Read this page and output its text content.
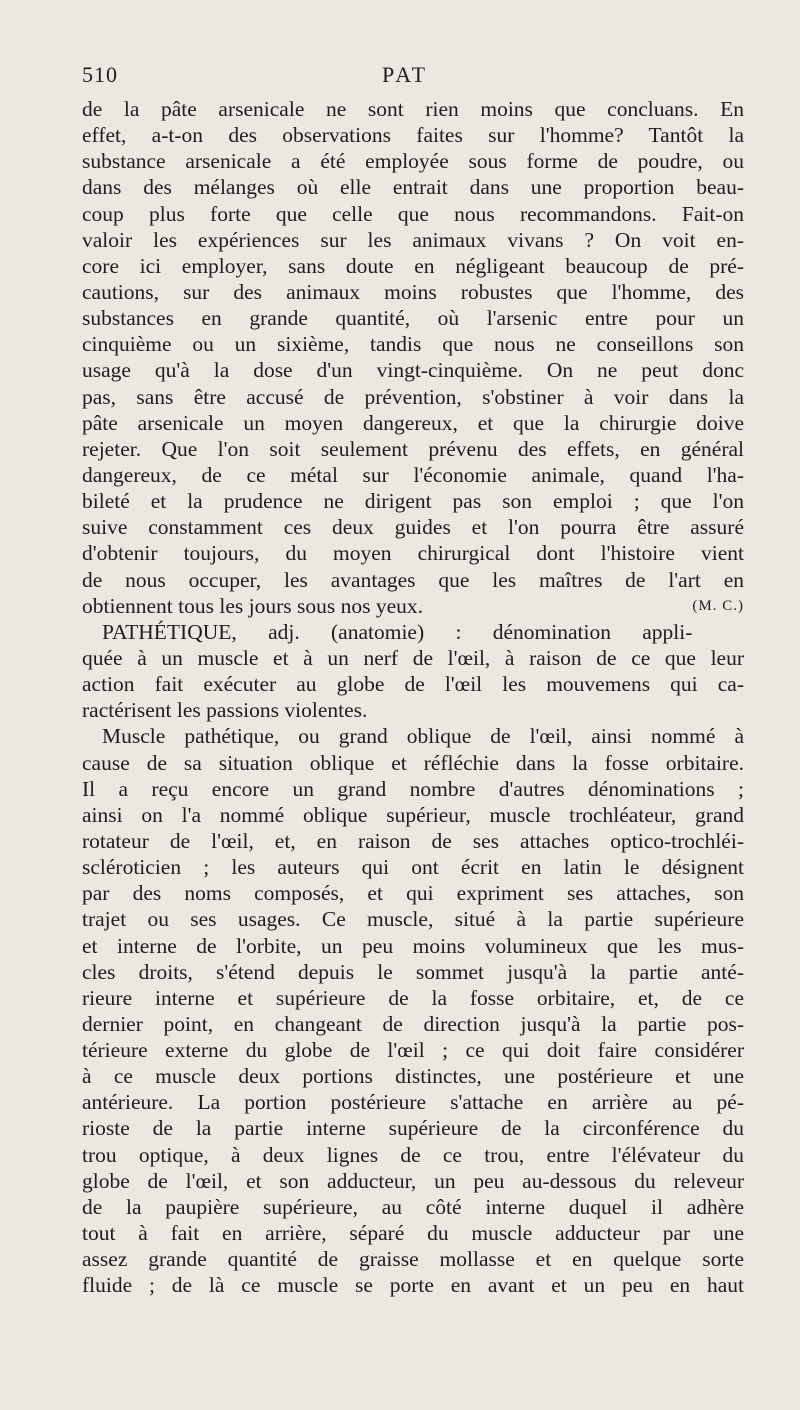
510	PAT
de la pâte arsenicale ne sont rien moins que concluans. En
effet, a-t-on des observations faites sur l'homme? Tantôt la
substance arsenicale a été employée sous forme de poudre, ou
dans des mélanges où elle entrait dans une proportion beau-
coup plus forte que celle que nous recommandons. Fait-on
valoir les expériences sur les animaux vivans ? On voit en-
core ici employer, sans doute en négligeant beaucoup de pré-
cautions, sur des animaux moins robustes que l'homme, des
substances en grande quantité, où l'arsenic entre pour un
cinquième ou un sixième, tandis que nous ne conseillons son
usage qu'à la dose d'un vingt-cinquième. On ne peut donc
pas, sans être accusé de prévention, s'obstiner à voir dans la
pâte arsenicale un moyen dangereux, et que la chirurgie doive
rejeter. Que l'on soit seulement prévenu des effets, en général
dangereux, de ce métal sur l'économie animale, quand l'ha-
bileté et la prudence ne dirigent pas son emploi ; que l'on
suive constamment ces deux guides et l'on pourra être assuré
d'obtenir toujours, du moyen chirurgical dont l'histoire vient
de nous occuper, les avantages que les maîtres de l'art en
(M. C.)
obtiennent tous les jours sous nos yeux.
PATHÉTIQUE, adj. (anatomie) : dénomination appli-
quée à un muscle et à un nerf de l'œil, à raison de ce que leur
action fait exécuter au globe de l'œil les mouvemens qui ca-
ractérisent les passions violentes.
Muscle pathétique, ou grand oblique de l'œil, ainsi nommé à
cause de sa situation oblique et réfléchie dans la fosse orbitaire.
Il a reçu encore un grand nombre d'autres dénominations ;
ainsi on l'a nommé oblique supérieur, muscle trochléateur, grand
rotateur de l'œil, et, en raison de ses attaches optico-trochléi-
scléroticien ; les auteurs qui ont écrit en latin le désignent
par des noms composés, et qui expriment ses attaches, son
trajet ou ses usages. Ce muscle, situé à la partie supérieure
et interne de l'orbite, un peu moins volumineux que les mus-
cles droits, s'étend depuis le sommet jusqu'à la partie anté-
rieure interne et supérieure de la fosse orbitaire, et, de ce
dernier point, en changeant de direction jusqu'à la partie pos-
térieure externe du globe de l'œil ; ce qui doit faire considérer
à ce muscle deux portions distinctes, une postérieure et une
antérieure. La portion postérieure s'attache en arrière au pé-
rioste de la partie interne supérieure de la circonférence du
trou optique, à deux lignes de ce trou, entre l'élévateur du
globe de l'œil, et son adducteur, un peu au-dessous du releveur
de la paupière supérieure, au côté interne duquel il adhère
tout à fait en arrière, séparé du muscle adducteur par une
assez grande quantité de graisse mollasse et en quelque sorte
fluide ; de là ce muscle se porte en avant et un peu en haut
